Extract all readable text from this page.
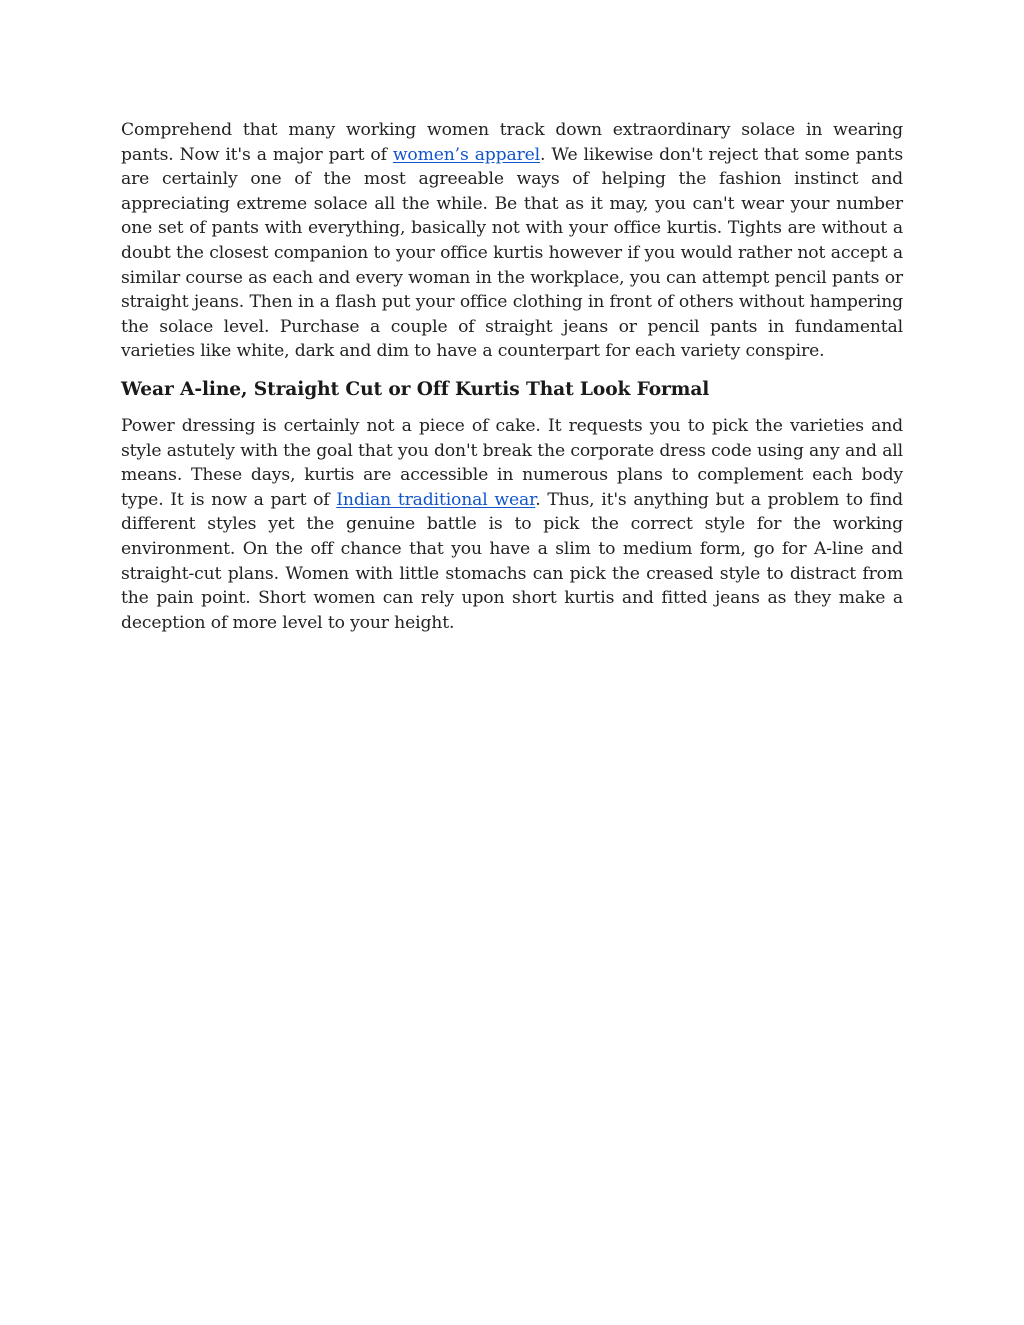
Comprehend that many working women track down extraordinary solace in wearing pants. Now it's a major part of women’s apparel. We likewise don't reject that some pants are certainly one of the most agreeable ways of helping the fashion instinct and appreciating extreme solace all the while. Be that as it may, you can't wear your number one set of pants with everything, basically not with your office kurtis. Tights are without a doubt the closest companion to your office kurtis however if you would rather not accept a similar course as each and every woman in the workplace, you can attempt pencil pants or straight jeans. Then in a flash put your office clothing in front of others without hampering the solace level. Purchase a couple of straight jeans or pencil pants in fundamental varieties like white, dark and dim to have a counterpart for each variety conspire.

Wear A-line, Straight Cut or Off Kurtis That Look Formal

Power dressing is certainly not a piece of cake. It requests you to pick the varieties and style astutely with the goal that you don't break the corporate dress code using any and all means. These days, kurtis are accessible in numerous plans to complement each body type. It is now a part of Indian traditional wear. Thus, it's anything but a problem to find different styles yet the genuine battle is to pick the correct style for the working environment. On the off chance that you have a slim to medium form, go for A-line and straight-cut plans. Women with little stomachs can pick the creased style to distract from the pain point. Short women can rely upon short kurtis and fitted jeans as they make a deception of more level to your height.
